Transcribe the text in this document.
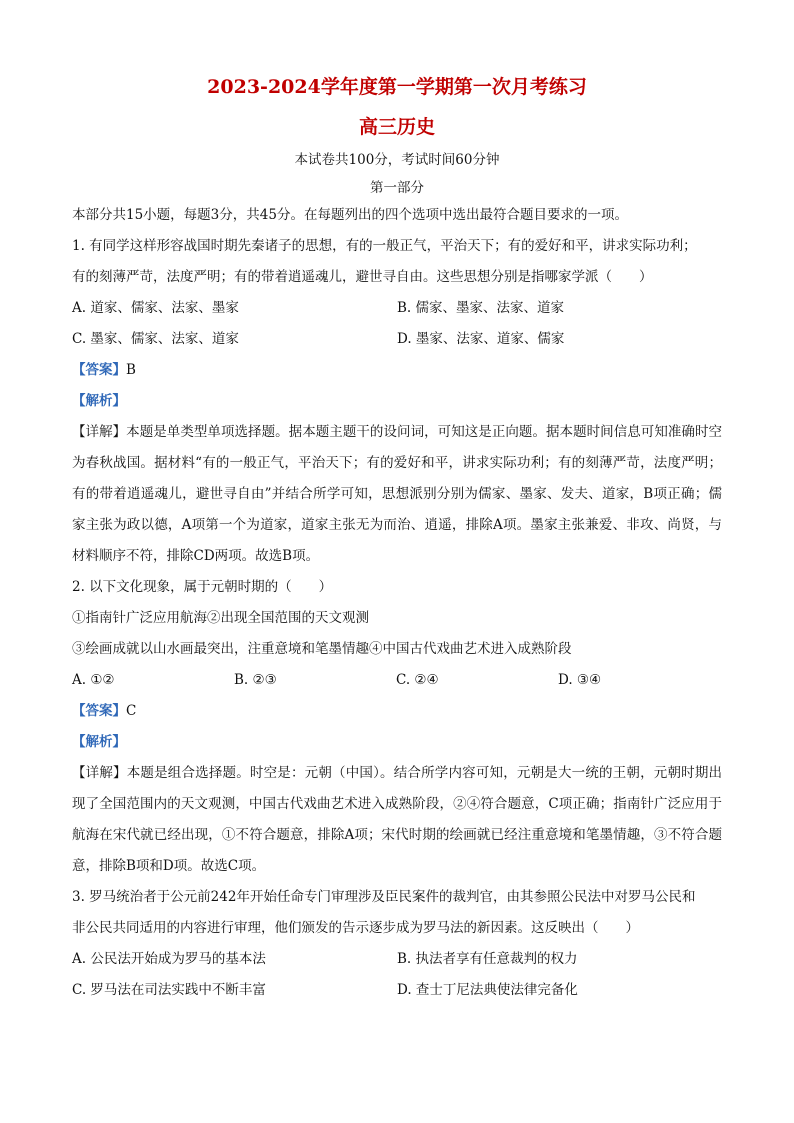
2023-2024学年度第一学期第一次月考练习
高三历史
本试卷共100分，考试时间60分钟
第一部分
本部分共15小题，每题3分，共45分。在每题列出的四个选项中选出最符合题目要求的一项。
1. 有同学这样形容战国时期先秦诸子的思想，有的一般正气，平治天下；有的爱好和平，讲求实际功利；
有的刻薄严苛，法度严明；有的带着逍遥魂儿，避世寻自由。这些思想分别是指哪家学派（　　）
A. 道家、儒家、法家、墨家	B. 儒家、墨家、法家、道家
C. 墨家、儒家、法家、道家	D. 墨家、法家、道家、儒家
【答案】B
【解析】
【详解】本题是单类型单项选择题。据本题主题干的设问词，可知这是正向题。据本题时间信息可知准确时空为春秋战国。据材料“有的一般正气，平治天下；有的爱好和平，讲求实际功利；有的刻薄严苛，法度严明；有的带着逍遥魂儿，避世寻自由”并结合所学可知，思想派别分别为儒家、墨家、发夫、道家，B项正确；儒家主张为政以德，A项第一个为道家，道家主张无为而治、逍遥，排除A项。墨家主张兼爱、非攻、尚贤，与材料顺序不符，排除CD两项。故选B项。
2. 以下文化现象，属于元朝时期的（　　）
①指南针广泛应用航海②出现全国范围的天文观测
③绘画成就以山水画最突出，注重意境和笔墨情趣④中国古代戏曲艺术进入成熟阶段
A. ①②	B. ②③	C. ②④	D. ③④
【答案】C
【解析】
【详解】本题是组合选择题。时空是：元朝（中国）。结合所学内容可知，元朝是大一统的王朝，元朝时期出现了全国范围内的天文观测，中国古代戏曲艺术进入成熟阶段，②④符合题意，C项正确；指南针广泛应用于航海在宋代就已经出现，①不符合题意，排除A项；宋代时期的绘画就已经注重意境和笔墨情趣，③不符合题意，排除B项和D项。故选C项。
3. 罗马统治者于公元前242年开始任命专门审理涉及臣民案件的裁判官，由其参照公民法中对罗马公民和
非公民共同适用的内容进行审理，他们颁发的告示逐步成为罗马法的新因素。这反映出（　　）
A. 公民法开始成为罗马的基本法	B. 执法者享有任意裁判的权力
C. 罗马法在司法实践中不断丰富	D. 查士丁尼法典使法律完备化
